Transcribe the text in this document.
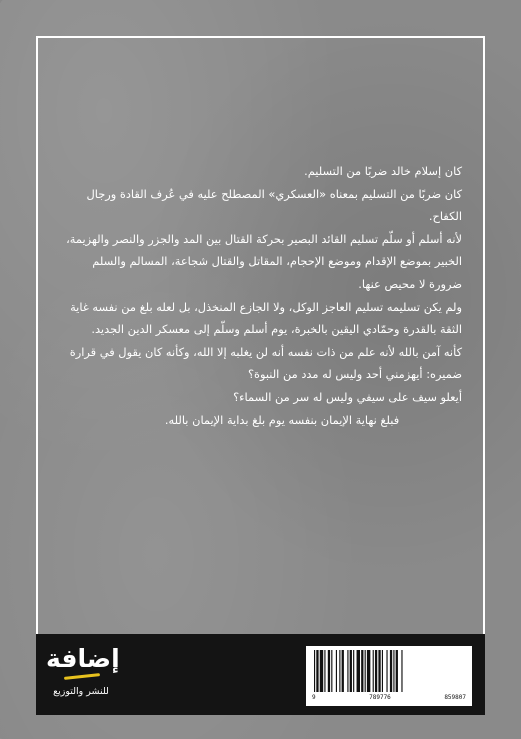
كان إسلام خالد ضربًا من التسليم.

كان ضربًا من التسليم بمعناه «العسكري» المصطلح عليه في عُرف القادة ورجال الكفاح.

لأنه أسلم أو سلّم تسليم القائد البصير بحركة القتال بين المد والجزر والنصر والهزيمة، الخبير بموضع الإقدام وموضع الإحجام، المقاتل والقتال شجاعة، المسالم والسلم ضرورة لا محيص عنها.

ولم يكن تسليمه تسليم العاجز الوكل، ولا الجازع المنخذل، بل لعله بلغ من نفسه غاية الثقة بالقدرة وحمّادي اليقين بالخبرة، يوم أسلم وسلّم إلى معسكر الدين الجديد.

كأنه آمن بالله لأنه علم من ذات نفسه أنه لن يغلبه إلا الله، وكأنه كان يقول في قرارة ضميره: أيهزمني أحد وليس له مدد من النبوة؟

أيعلو سيف على سيفي وليس له سر من السماء؟

فبلغ نهاية الإيمان بنفسه يوم بلغ بداية الإيمان بالله.

إضافة
للنشر والتوزيع
9	789776	859807
